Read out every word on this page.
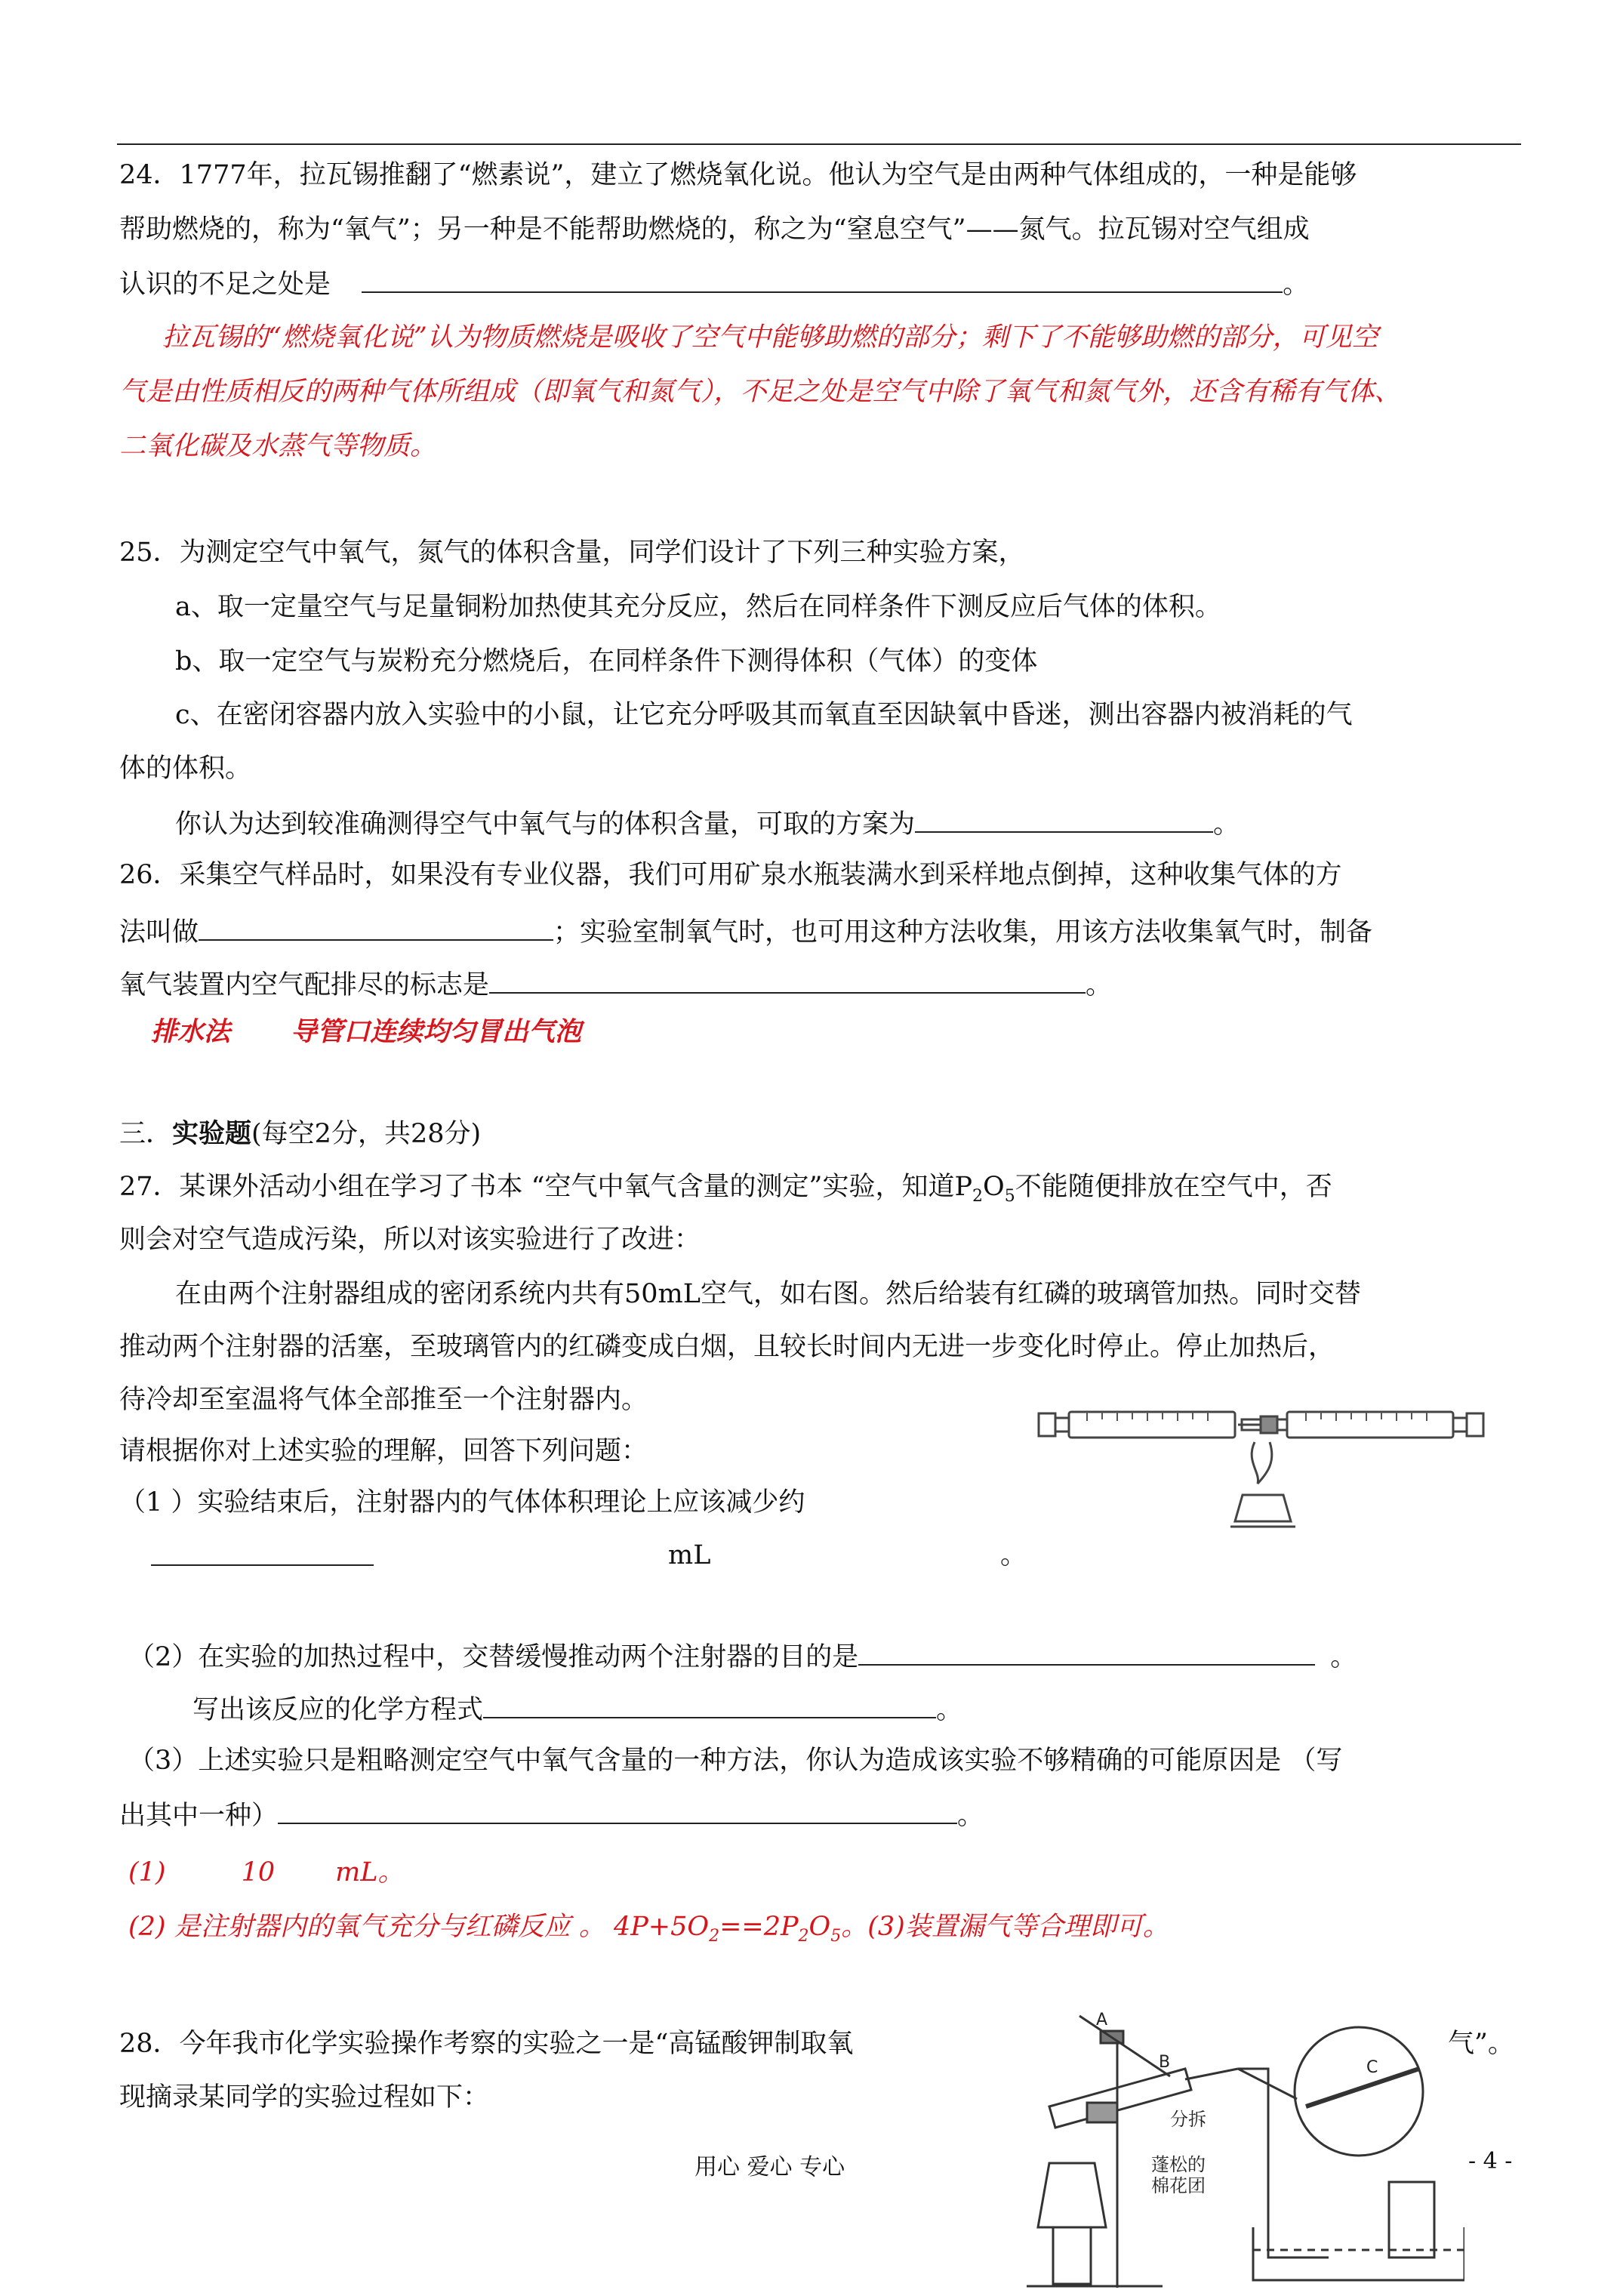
24．1777年，拉瓦锡推翻了“燃素说”，建立了燃烧氧化说。他认为空气是由两种气体组成的，一种是能够
帮助燃烧的，称为“氧气”；另一种是不能帮助燃烧的，称之为“窒息空气”——氮气。拉瓦锡对空气组成
认识的不足之处是	。
拉瓦锡的“燃烧氧化说”认为物质燃烧是吸收了空气中能够助燃的部分；剩下了不能够助燃的部分，可见空
气是由性质相反的两种气体所组成（即氧气和氮气），不足之处是空气中除了氧气和氮气外，还含有稀有气体、
二氧化碳及水蒸气等物质。
25．为测定空气中氧气，氮气的体积含量，同学们设计了下列三种实验方案，
a、取一定量空气与足量铜粉加热使其充分反应，然后在同样条件下测反应后气体的体积。
b、取一定空气与炭粉充分燃烧后，在同样条件下测得体积（气体）的变体
c、在密闭容器内放入实验中的小鼠，让它充分呼吸其而氧直至因缺氧中昏迷，测出容器内被消耗的气
体的体积。
你认为达到较准确测得空气中氧气与的体积含量，可取的方案为	。
26．采集空气样品时，如果没有专业仪器，我们可用矿泉水瓶装满水到采样地点倒掉，这种收集气体的方
法叫做	；实验室制氧气时，也可用这种方法收集，用该方法收集氧气时，制备
氧气装置内空气配排尽的标志是	。
排水法 导管口连续均匀冒出气泡
三．实验题(每空2分，共28分)
27．某课外活动小组在学习了书本 “空气中氧气含量的测定”实验，知道$P_2O_5$不能随便排放在空气中，否
则会对空气造成污染，所以对该实验进行了改进：
在由两个注射器组成的密闭系统内共有50mL空气，如右图。然后给装有红磷的玻璃管加热。同时交替
推动两个注射器的活塞，至玻璃管内的红磷变成白烟，且较长时间内无进一步变化时停止。停止加热后，
待冷却至室温将气体全部推至一个注射器内。
请根据你对上述实验的理解，回答下列问题：
（1 ）实验结束后，注射器内的气体体积理论上应该减少约
mL	。
（2）在实验的加热过程中，交替缓慢推动两个注射器的目的是	。
写出该反应的化学方程式	。
（3）上述实验只是粗略测定空气中氧气含量的一种方法，你认为造成该实验不够精确的可能原因是 （写
出其中一种）	。
(1)	10 mL。
(2) 是注射器内的氧气充分与红磷反应 。 $4P+5O_2==2P_2O_5$。(3)装置漏气等合理即可。
28．今年我市化学实验操作考察的实验之一是“高锰酸钾制取氧	气”。
现摘录某同学的实验过程如下：
A
B	C
分拆
蓬松的
棉花团
用心 爱心 专心	- 4 -
